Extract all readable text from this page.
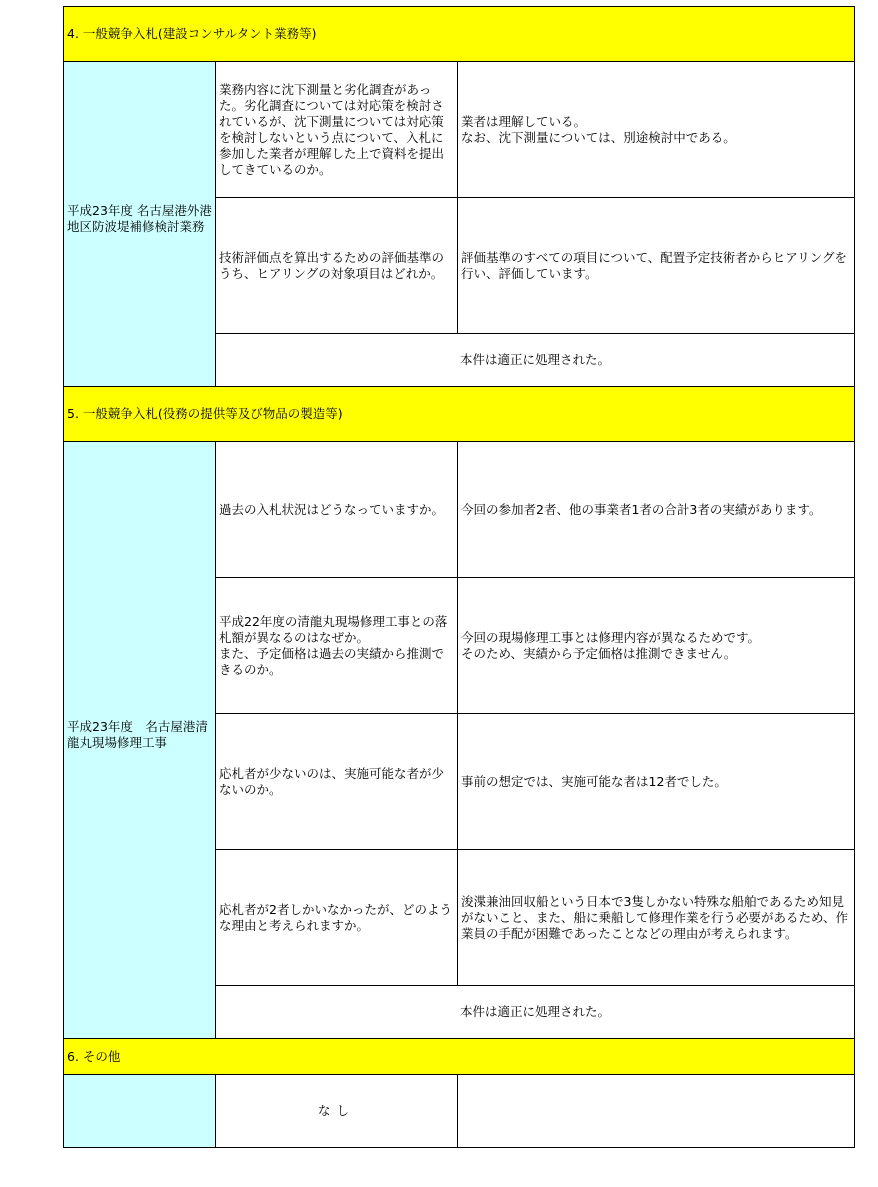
4. 一般競争入札(建設コンサルタント業務等)		

平成23年度 名古屋港外港地区防波堤補修検討業務	業務内容に沈下測量と劣化調査があった。劣化調査については対応策を検討されているが、沈下測量については対応策を検討しないという点について、入札に参加した業者が理解した上で資料を提出してきているのか。	業者は理解している。
なお、沈下測量については、別途検討中である。
	技術評価点を算出するための評価基準のうち、ヒアリングの対象項目はどれか。	評価基準のすべての項目について、配置予定技術者からヒアリングを行い、評価しています。
	本件は適正に処理された。	
5. 一般競争入札(役務の提供等及び物品の製造等)		

平成23年度　名古屋港清龍丸現場修理工事	過去の入札状況はどうなっていますか。	今回の参加者2者、他の事業者1者の合計3者の実績があります。
	平成22年度の清龍丸現場修理工事との落札額が異なるのはなぜか。
また、予定価格は過去の実績から推測できるのか。	今回の現場修理工事とは修理内容が異なるためです。
そのため、実績から予定価格は推測できません。
	応札者が少ないのは、実施可能な者が少ないのか。	事前の想定では、実施可能な者は12者でした。
	応札者が2者しかいなかったが、どのような理由と考えられますか。	浚渫兼油回収船という日本で3隻しかない特殊な船舶であるため知見がないこと、また、船に乗船して修理作業を行う必要があるため、作業員の手配が困難であったことなどの理由が考えられます。
	本件は適正に処理された。	
6. その他		
	なし	
